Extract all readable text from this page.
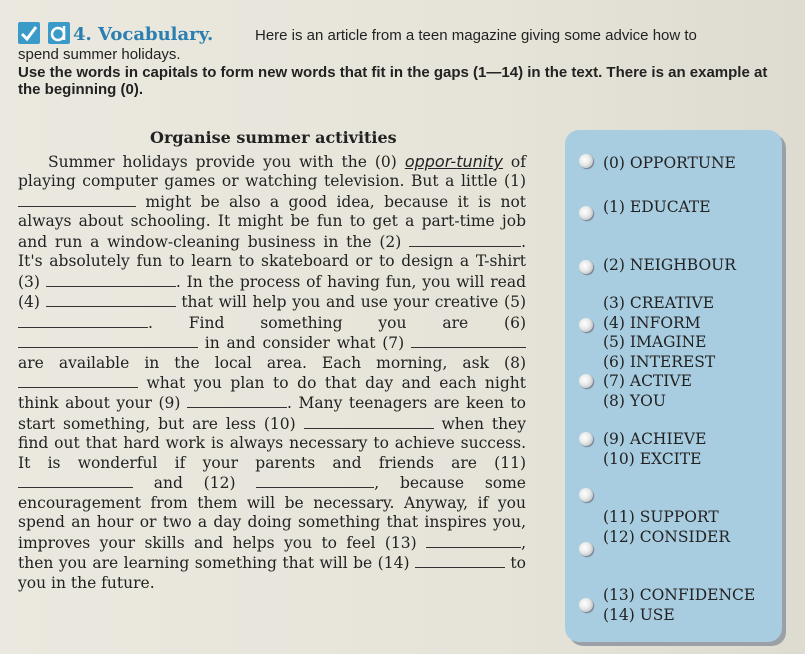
4. Vocabulary.	Here is an article from a teen magazine giving some advice how to
spend summer holidays.
Use the words in capitals to form new words that fit in the gaps (1—14) in the text. There is an example at the beginning (0).
Organise summer activities

Summer holidays provide you with the (0) oppor-tunity of playing computer games or watching television. But a little (1)  might be also a good idea, because it is not always about schooling. It might be fun to get a part-time job and run a window-cleaning business in the (2)	. It's absolutely fun to learn to skateboard or to design a T-shirt (3)	. In the process of having fun, you will read (4)	that will help you and use your creative (5) . Find something you are (6)  in and consider what (7)  are available in the local area. Each morning, ask (8)  what you plan to do that day and each night think about your (9)	. Many teenagers are keen to start something, but are less (10)	when they find out that hard work is always necessary to achieve success. It is wonderful if your parents and friends are (11)  and (12)	, because some encouragement from them will be necessary. Anyway, if you spend an hour or two a day doing something that inspires you, improves your skills and helps you to feel (13)	, then you are learning something that will be (14)	to you in the future.

(0) OPPORTUNE
(1) EDUCATE
(2) NEIGHBOUR
(3) CREATIVE
(4) INFORM
(5) IMAGINE
(6) INTEREST
(7) ACTIVE
(8) YOU
(9) ACHIEVE
(10) EXCITE
(11) SUPPORT
(12) CONSIDER
(13) CONFIDENCE
(14) USE
